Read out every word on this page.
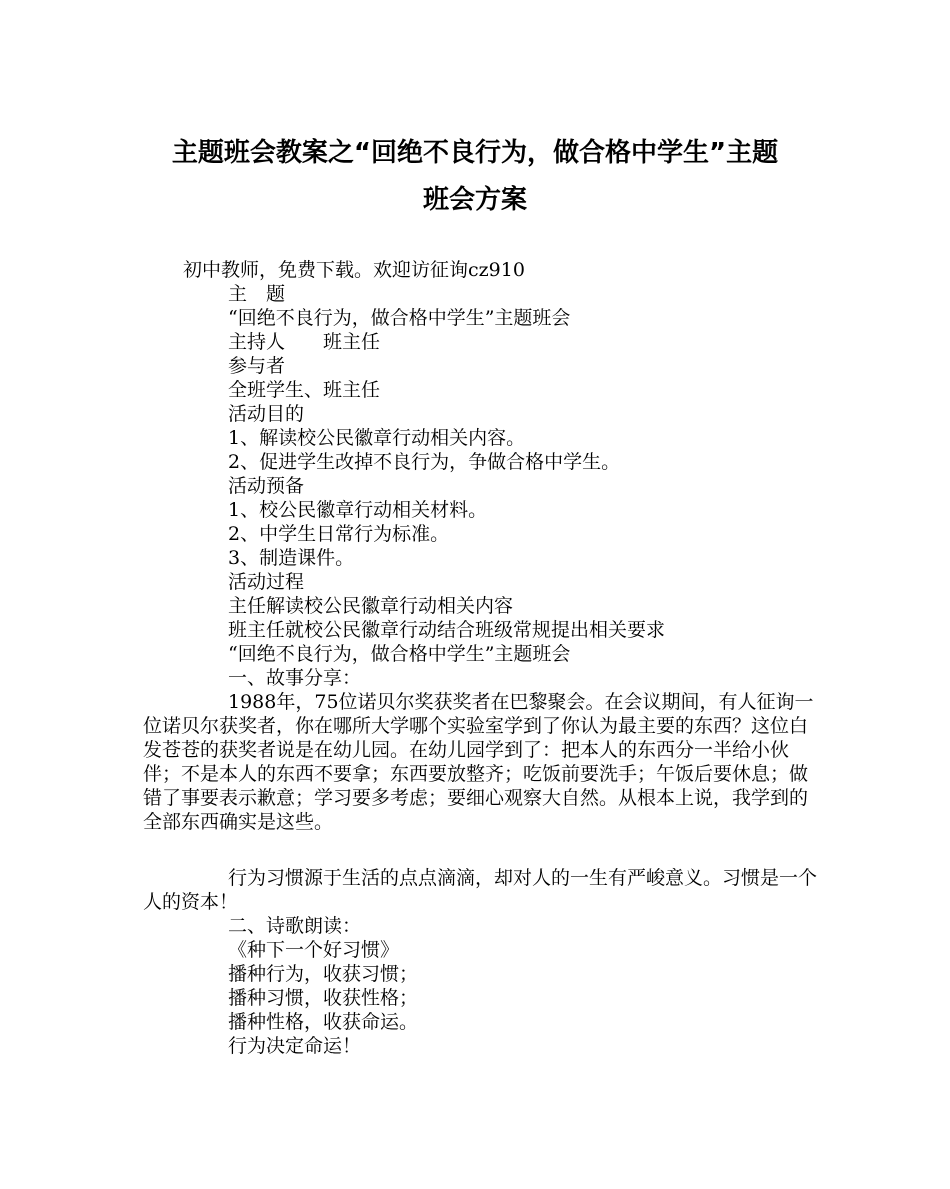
主题班会教案之“回绝不良行为，做合格中学生”主题
班会方案
初中教师，免费下载。欢迎访征询cz910
主　题
“回绝不良行为，做合格中学生”主题班会
主持人　　班主任
参与者
全班学生、班主任
活动目的
1、解读校公民徽章行动相关内容。
2、促进学生改掉不良行为，争做合格中学生。
活动预备
1、校公民徽章行动相关材料。
2、中学生日常行为标准。
3、制造课件。
活动过程
主任解读校公民徽章行动相关内容
班主任就校公民徽章行动结合班级常规提出相关要求
“回绝不良行为，做合格中学生”主题班会
一、故事分享：
1988年，75位诺贝尔奖获奖者在巴黎聚会。在会议期间，有人征询一位诺贝尔获奖者，你在哪所大学哪个实验室学到了你认为最主要的东西？这位白发苍苍的获奖者说是在幼儿园。在幼儿园学到了：把本人的东西分一半给小伙伴；不是本人的东西不要拿；东西要放整齐；吃饭前要洗手；午饭后要休息；做错了事要表示歉意；学习要多考虑；要细心观察大自然。从根本上说，我学到的全部东西确实是这些。
行为习惯源于生活的点点滴滴，却对人的一生有严峻意义。习惯是一个人的资本！
二、诗歌朗读：
《种下一个好习惯》
播种行为，收获习惯；
播种习惯，收获性格；
播种性格，收获命运。
行为决定命运！
